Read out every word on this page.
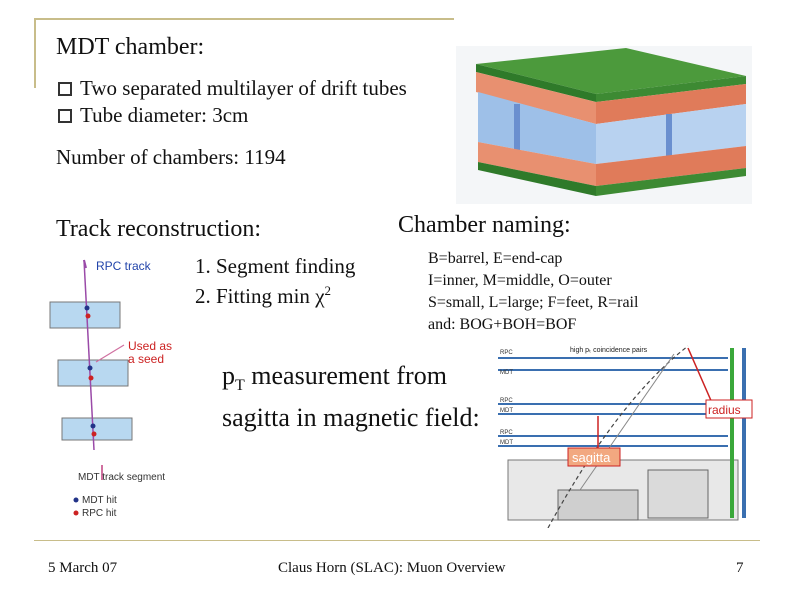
MDT chamber:
Two separated multilayer of drift tubes
Tube diameter: 3cm
Number of chambers: 1194
Track reconstruction:	Chamber naming:
1. Segment finding
2. Fitting $\min \chi^2$
B=barrel, E=end-cap
I=inner, M=middle, O=outer
S=small, L=large; F=feet, R=rail
and: BOG+BOH=BOF
RPC track
Used as
a seed
MDT track segment
MDT hit
RPC hit
$p_T$ measurement from
sagitta in magnetic field:
RPC
MDT
RPC
MDT
RPC
MDT
high pₜ coincidence pairs
sagitta
radius
5 March 07	Claus Horn (SLAC): Muon Overview	7
